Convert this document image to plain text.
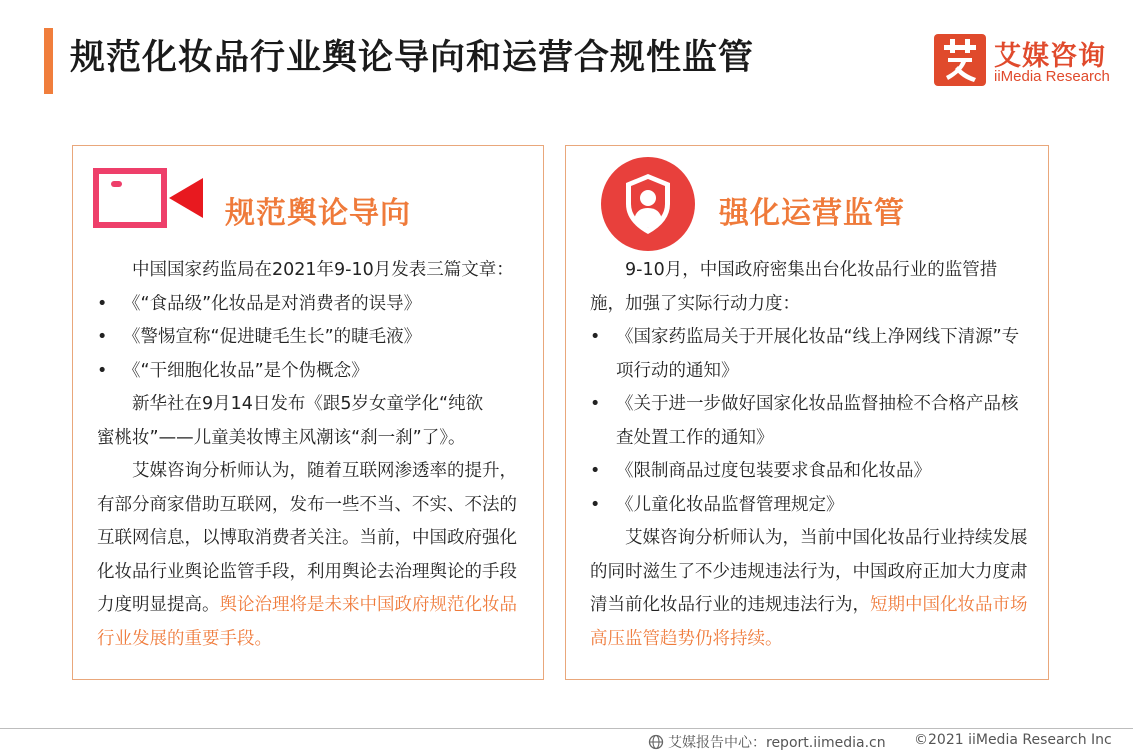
规范化妆品行业舆论导向和运营合规性监管	艾媒咨询
iiMedia Research
规范舆论导向

中国国家药监局在2021年9-10月发表三篇文章：

• 《“食品级”化妆品是对消费者的误导》

• 《警惕宣称“促进睫毛生长”的睫毛液》

• 《“干细胞化妆品”是个伪概念》

新华社在9月14日发布《跟5岁女童学化“纯欲

蜜桃妆”——儿童美妆博主风潮该“刹一刹”了》。

艾媒咨询分析师认为，随着互联网渗透率的提升，有部分商家借助互联网，发布一些不当、不实、不法的互联网信息，以博取消费者关注。当前，中国政府强化化妆品行业舆论监管手段，利用舆论去治理舆论的手段力度明显提高。舆论治理将是未来中国政府规范化妆品行业发展的重要手段。

强化运营监管

9-10月，中国政府密集出台化妆品行业的监管措施，加强了实际行动力度：

• 《国家药监局关于开展化妆品“线上净网线下清源”专项行动的通知》

• 《关于进一步做好国家化妆品监督抽检不合格产品核查处置工作的通知》

• 《限制商品过度包装要求食品和化妆品》

• 《儿童化妆品监督管理规定》

艾媒咨询分析师认为，当前中国化妆品行业持续发展的同时滋生了不少违规违法行为，中国政府正加大力度肃清当前化妆品行业的违规违法行为，短期中国化妆品市场高压监管趋势仍将持续。

艾媒报告中心：report.iimedia.cn ©2021 iiMedia Research Inc
